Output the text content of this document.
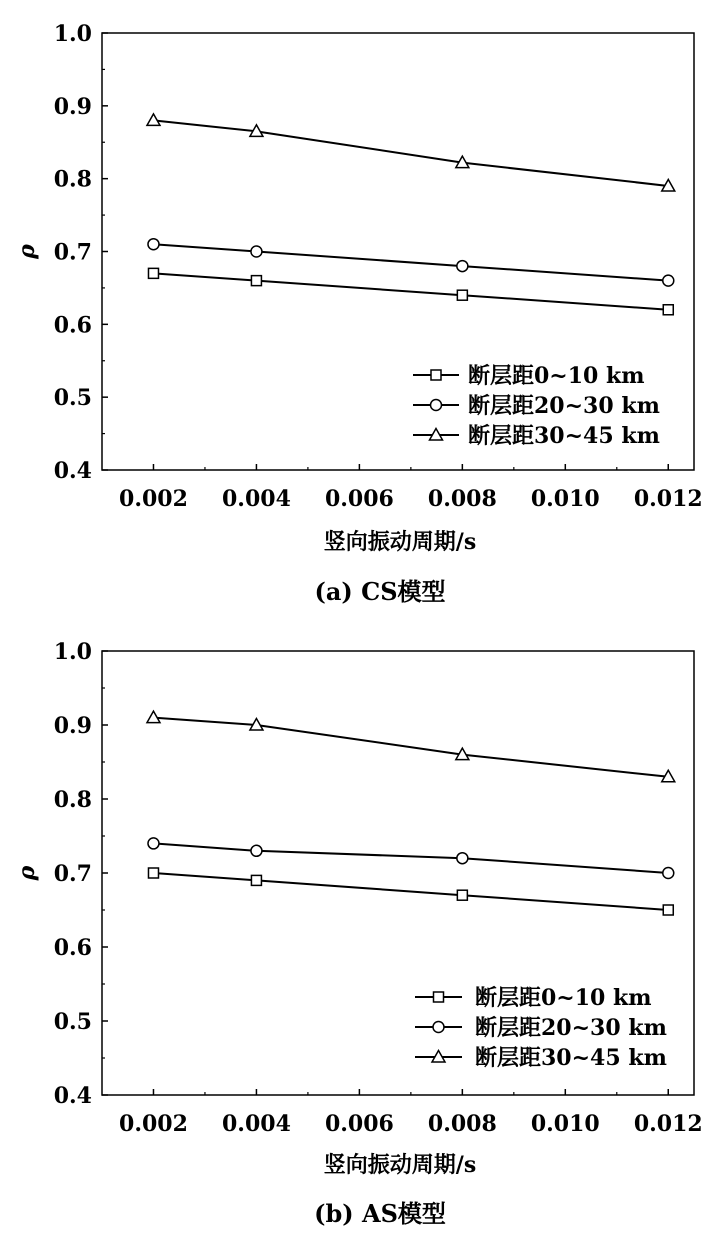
0.4
0.5
0.6
0.7
0.8
0.9
1.0
0.002 0.004 0.006 0.008 0.010 0.012
竖向振动周期/s
ρ
(a) CS模型
断层距0~10 km
断层距20~30 km
断层距30~45 km
0.4
0.5
0.6
0.7
0.8
0.9
1.0
0.002 0.004 0.006 0.008 0.010 0.012
竖向振动周期/s
ρ
(b) AS模型
断层距0~10 km
断层距20~30 km
断层距30~45 km
